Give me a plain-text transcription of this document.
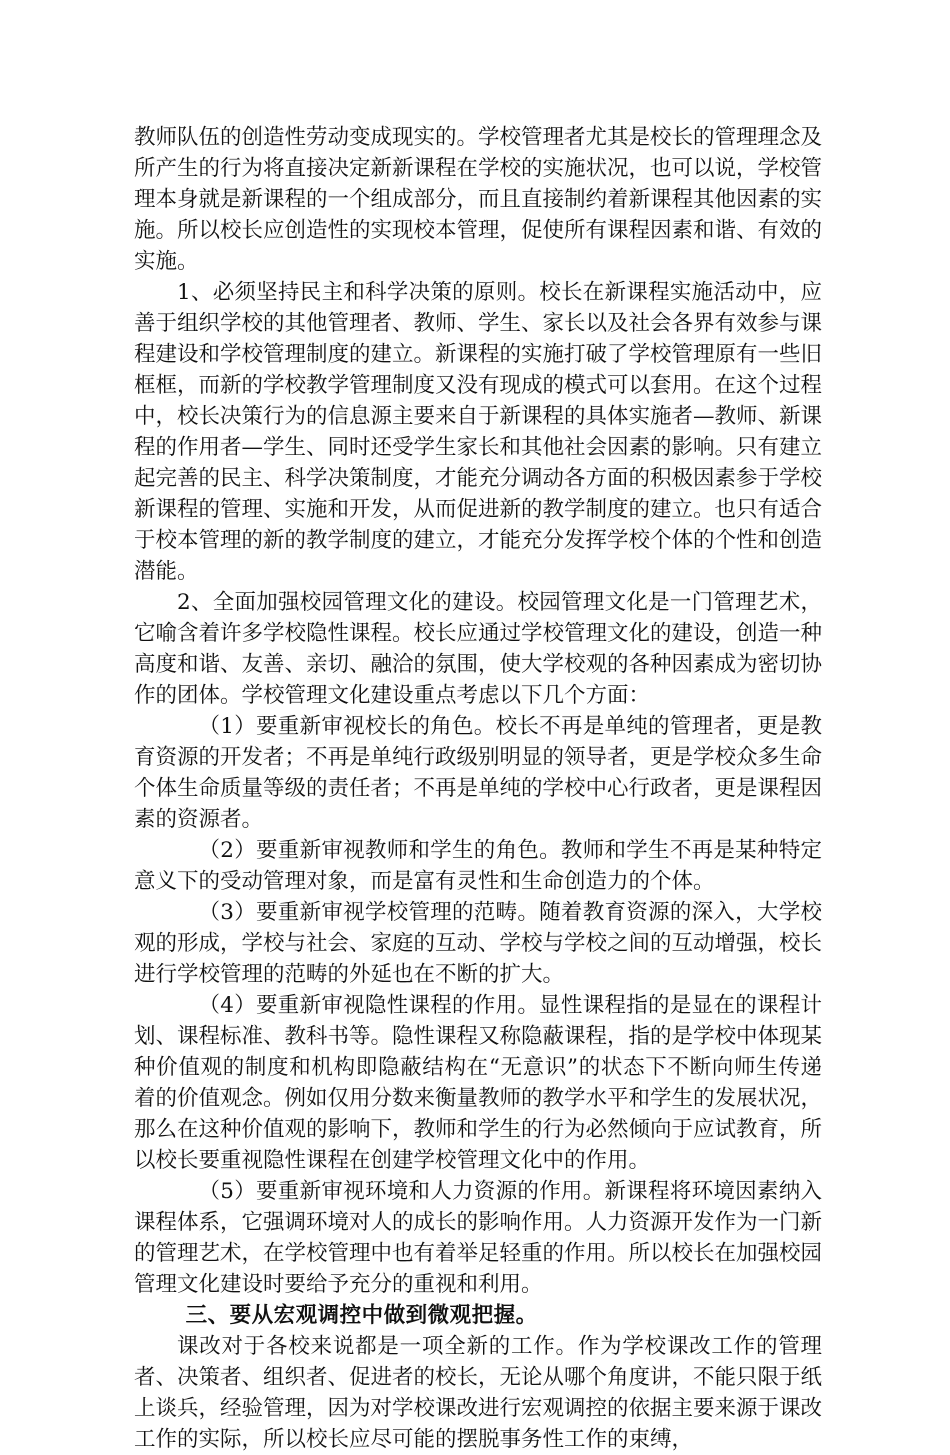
教师队伍的创造性劳动变成现实的。学校管理者尤其是校长的管理理念及所产生的行为将直接决定新新课程在学校的实施状况，也可以说，学校管理本身就是新课程的一个组成部分，而且直接制约着新课程其他因素的实施。所以校长应创造性的实现校本管理，促使所有课程因素和谐、有效的实施。

1、必须坚持民主和科学决策的原则。校长在新课程实施活动中，应善于组织学校的其他管理者、教师、学生、家长以及社会各界有效参与课程建设和学校管理制度的建立。新课程的实施打破了学校管理原有一些旧框框，而新的学校教学管理制度又没有现成的模式可以套用。在这个过程中，校长决策行为的信息源主要来自于新课程的具体实施者—教师、新课程的作用者—学生、同时还受学生家长和其他社会因素的影响。只有建立起完善的民主、科学决策制度，才能充分调动各方面的积极因素参于学校新课程的管理、实施和开发，从而促进新的教学制度的建立。也只有适合于校本管理的新的教学制度的建立，才能充分发挥学校个体的个性和创造潜能。

2、全面加强校园管理文化的建设。校园管理文化是一门管理艺术，它喻含着许多学校隐性课程。校长应通过学校管理文化的建设，创造一种高度和谐、友善、亲切、融洽的氛围，使大学校观的各种因素成为密切协作的团体。学校管理文化建设重点考虑以下几个方面：

（1）要重新审视校长的角色。校长不再是单纯的管理者，更是教育资源的开发者；不再是单纯行政级别明显的领导者，更是学校众多生命个体生命质量等级的责任者；不再是单纯的学校中心行政者，更是课程因素的资源者。

（2）要重新审视教师和学生的角色。教师和学生不再是某种特定意义下的受动管理对象，而是富有灵性和生命创造力的个体。

（3）要重新审视学校管理的范畴。随着教育资源的深入，大学校观的形成，学校与社会、家庭的互动、学校与学校之间的互动增强，校长进行学校管理的范畴的外延也在不断的扩大。

（4）要重新审视隐性课程的作用。显性课程指的是显在的课程计划、课程标准、教科书等。隐性课程又称隐蔽课程，指的是学校中体现某种价值观的制度和机构即隐蔽结构在“无意识”的状态下不断向师生传递着的价值观念。例如仅用分数来衡量教师的教学水平和学生的发展状况，那么在这种价值观的影响下，教师和学生的行为必然倾向于应试教育，所以校长要重视隐性课程在创建学校管理文化中的作用。

（5）要重新审视环境和人力资源的作用。新课程将环境因素纳入课程体系，它强调环境对人的成长的影响作用。人力资源开发作为一门新的管理艺术，在学校管理中也有着举足轻重的作用。所以校长在加强校园管理文化建设时要给予充分的重视和利用。

三、要从宏观调控中做到微观把握。

课改对于各校来说都是一项全新的工作。作为学校课改工作的管理者、决策者、组织者、促进者的校长，无论从哪个角度讲，不能只限于纸上谈兵，经验管理，因为对学校课改进行宏观调控的依据主要来源于课改工作的实际，所以校长应尽可能的摆脱事务性工作的束缚，
